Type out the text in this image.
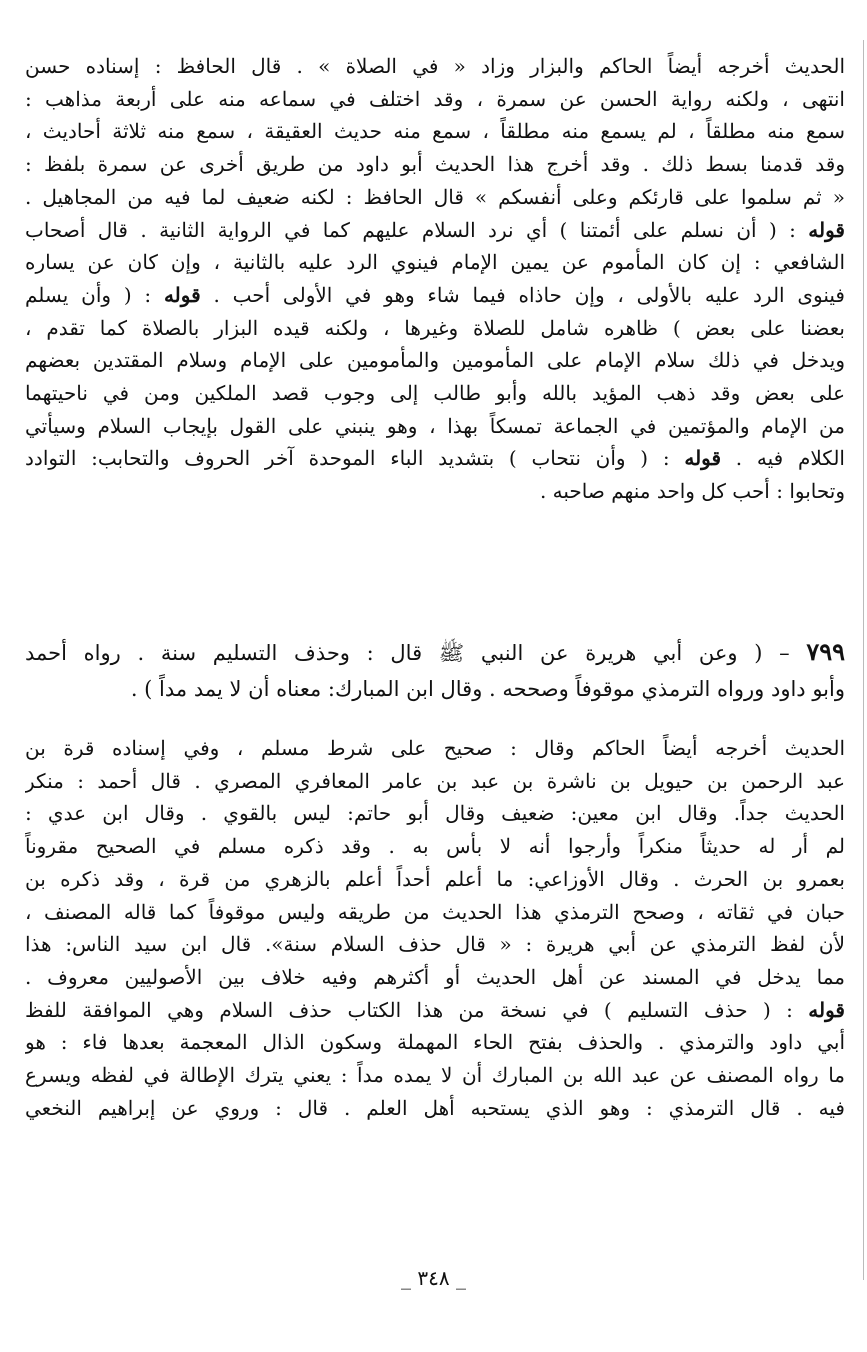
الحديث أخرجه أيضاً الحاكم والبزار وزاد « في الصلاة » . قال الحافظ : إسناده حسن
انتهى ، ولكنه رواية الحسن عن سمرة ، وقد اختلف في سماعه منه على أربعة مذاهب :
سمع منه مطلقاً ، لم يسمع منه مطلقاً ، سمع منه حديث العقيقة ، سمع منه ثلاثة أحاديث ،
وقد قدمنا بسط ذلك . وقد أخرج هذا الحديث أبو داود من طريق أخرى عن سمرة بلفظ :
« ثم سلموا على قارئكم وعلى أنفسكم » قال الحافظ : لكنه ضعيف لما فيه من المجاهيل .
قوله : ( أن نسلم على أئمتنا ) أي نرد السلام عليهم كما في الرواية الثانية . قال أصحاب
الشافعي : إن كان المأموم عن يمين الإمام فينوي الرد عليه بالثانية ، وإن كان عن يساره
فينوى الرد عليه بالأولى ، وإن حاذاه فيما شاء وهو في الأولى أحب . قوله : ( وأن يسلم
بعضنا على بعض ) ظاهره شامل للصلاة وغيرها ، ولكنه قيده البزار بالصلاة كما تقدم ،
ويدخل في ذلك سلام الإمام على المأمومين والمأمومين على الإمام وسلام المقتدين بعضهم
على بعض وقد ذهب المؤيد بالله وأبو طالب إلى وجوب قصد الملكين ومن في ناحيتهما
من الإمام والمؤتمين في الجماعة تمسكاً بهذا ، وهو ينبني على القول بإيجاب السلام وسيأتي
الكلام فيه . قوله : ( وأن نتحاب ) بتشديد الباء الموحدة آخر الحروف والتحابب: التوادد
وتحابوا : أحب كل واحد منهم صاحبه .
٧٩٩ – ( وعن أبي هريرة عن النبي ﷺ قال : وحذف التسليم سنة . رواه أحمد
وأبو داود ورواه الترمذي موقوفاً وصححه . وقال ابن المبارك: معناه أن لا يمد مداً ) .
الحديث أخرجه أيضاً الحاكم وقال : صحيح على شرط مسلم ، وفي إسناده قرة بن
عبد الرحمن بن حيويل بن ناشرة بن عبد بن عامر المعافري المصري . قال أحمد : منكر
الحديث جداً. وقال ابن معين: ضعيف وقال أبو حاتم: ليس بالقوي . وقال ابن عدي :
لم أر له حديثاً منكراً وأرجوا أنه لا بأس به . وقد ذكره مسلم في الصحيح مقروناً
بعمرو بن الحرث . وقال الأوزاعي: ما أعلم أحداً أعلم بالزهري من قرة ، وقد ذكره بن
حبان في ثقاته ، وصحح الترمذي هذا الحديث من طريقه وليس موقوفاً كما قاله المصنف ،
لأن لفظ الترمذي عن أبي هريرة : « قال حذف السلام سنة». قال ابن سيد الناس: هذا
مما يدخل في المسند عن أهل الحديث أو أكثرهم وفيه خلاف بين الأصوليين معروف .
قوله : ( حذف التسليم ) في نسخة من هذا الكتاب حذف السلام وهي الموافقة للفظ
أبي داود والترمذي . والحذف بفتح الحاء المهملة وسكون الذال المعجمة بعدها فاء : هو
ما رواه المصنف عن عبد الله بن المبارك أن لا يمده مداً : يعني يترك الإطالة في لفظه ويسرع
فيه . قال الترمذي : وهو الذي يستحبه أهل العلم . قال : وروي عن إبراهيم النخعي
_ ٣٤٨ _
